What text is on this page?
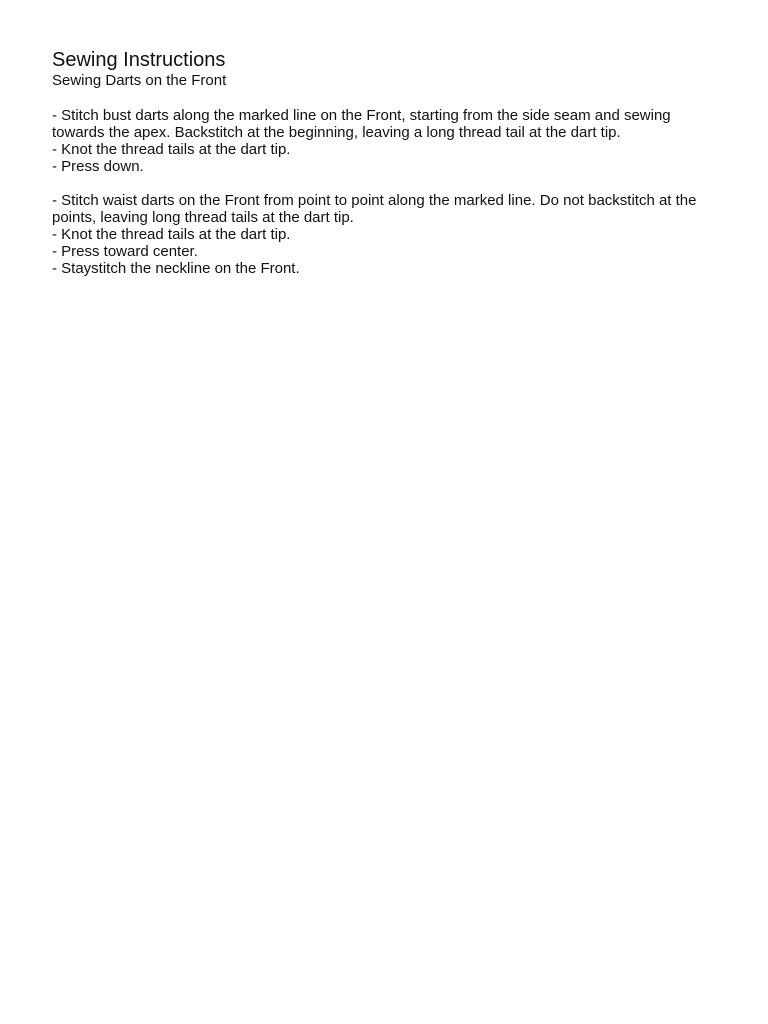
Sewing Instructions

Sewing Darts on the Front

- Stitch bust darts along the marked line on the Front, starting from the side seam and sewing towards the apex. Backstitch at the beginning, leaving a long thread tail at the dart tip.

- Knot the thread tails at the dart tip.

- Press down.

- Stitch waist darts on the Front from point to point along the marked line. Do not backstitch at the points, leaving long thread tails at the dart tip.

- Knot the thread tails at the dart tip.

- Press toward center.

- Staystitch the neckline on the Front.
